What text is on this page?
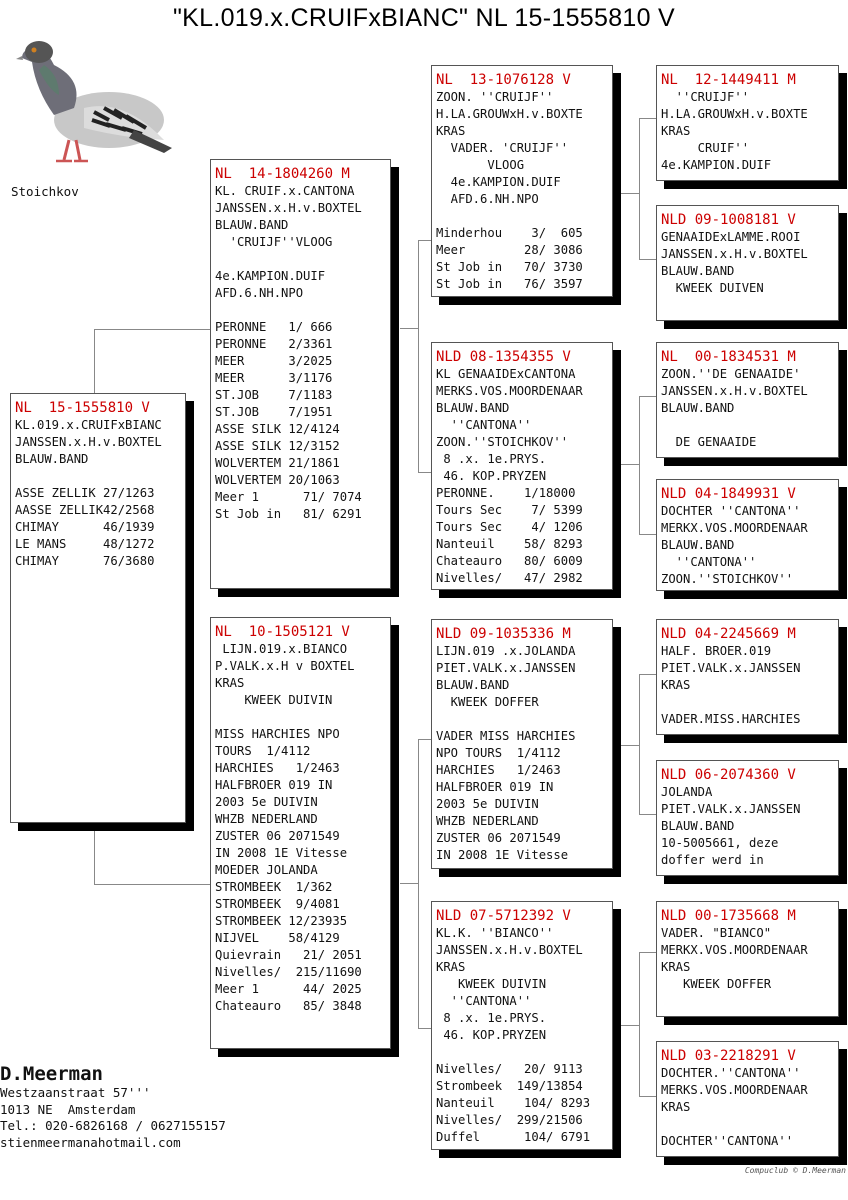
"KL.019.x.CRUIFxBIANC" NL 15-1555810 V
Stoichkov
NL  15-1555810 V
KL.019.x.CRUIFxBIANC
JANSSEN.x.H.v.BOXTEL
BLAUW.BAND
ASSE ZELLIK 27/1263
AASSE ZELLIK42/2568
CHIMAY      46/1939
LE MANS     48/1272
CHIMAY      76/3680
NL  14-1804260 M
KL. CRUIF.x.CANTONA
JANSSEN.x.H.v.BOXTEL
BLAUW.BAND
'CRUIJF''VLOOG
4e.KAMPION.DUIF
AFD.6.NH.NPO
PERONNE   1/ 666
PERONNE   2/3361
MEER      3/2025
MEER      3/1176
ST.JOB    7/1183
ST.JOB    7/1951
ASSE SILK 12/4124
ASSE SILK 12/3152
WOLVERTEM 21/1861
WOLVERTEM 20/1063
Meer 1      71/ 7074
St Job in   81/ 6291
NL  10-1505121 V
LIJN.019.x.BIANCO
P.VALK.x.H v BOXTEL
KRAS
KWEEK DUIVIN
MISS HARCHIES NPO
TOURS  1/4112
HARCHIES   1/2463
HALFBROER 019 IN
2003 5e DUIVIN
WHZB NEDERLAND
ZUSTER 06 2071549
IN 2008 1E Vitesse
MOEDER JOLANDA
STROMBEEK  1/362
STROMBEEK  9/4081
STROMBEEK 12/23935
NIJVEL    58/4129
Quievrain   21/ 2051
Nivelles/  215/11690
Meer 1      44/ 2025
Chateauro   85/ 3848
NL  13-1076128 V
ZOON. ''CRUIJF''
H.LA.GROUWxH.v.BOXTE
KRAS
VADER. 'CRUIJF''
VLOOG
4e.KAMPION.DUIF
AFD.6.NH.NPO
Minderhou    3/  605
Meer        28/ 3086
St Job in   70/ 3730
St Job in   76/ 3597
NLD 08-1354355 V
KL GENAAIDExCANTONA
MERKS.VOS.MOORDENAAR
BLAUW.BAND
''CANTONA''
ZOON.''STOICHKOV''
8 .x. 1e.PRYS.
46. KOP.PRYZEN
PERONNE.    1/18000
Tours Sec    7/ 5399
Tours Sec    4/ 1206
Nanteuil    58/ 8293
Chateauro   80/ 6009
Nivelles/   47/ 2982
NLD 09-1035336 M
LIJN.019 .x.JOLANDA
PIET.VALK.x.JANSSEN
BLAUW.BAND
KWEEK DOFFER
VADER MISS HARCHIES
NPO TOURS  1/4112
HARCHIES   1/2463
HALFBROER 019 IN
2003 5e DUIVIN
WHZB NEDERLAND
ZUSTER 06 2071549
IN 2008 1E Vitesse
NLD 07-5712392 V
KL.K. ''BIANCO''
JANSSEN.x.H.v.BOXTEL
KRAS
KWEEK DUIVIN
''CANTONA''
8 .x. 1e.PRYS.
46. KOP.PRYZEN
Nivelles/   20/ 9113
Strombeek  149/13854
Nanteuil    104/ 8293
Nivelles/  299/21506
Duffel      104/ 6791
NL  12-1449411 M
''CRUIJF''
H.LA.GROUWxH.v.BOXTE
KRAS
CRUIF''
4e.KAMPION.DUIF
NLD 09-1008181 V
GENAAIDExLAMME.ROOI
JANSSEN.x.H.v.BOXTEL
BLAUW.BAND
KWEEK DUIVEN
NL  00-1834531 M
ZOON.''DE GENAAIDE'
JANSSEN.x.H.v.BOXTEL
BLAUW.BAND
DE GENAAIDE
NLD 04-1849931 V
DOCHTER ''CANTONA''
MERKX.VOS.MOORDENAAR
BLAUW.BAND
''CANTONA''
ZOON.''STOICHKOV''
NLD 04-2245669 M
HALF. BROER.019
PIET.VALK.x.JANSSEN
KRAS
VADER.MISS.HARCHIES
NLD 06-2074360 V
JOLANDA
PIET.VALK.x.JANSSEN
BLAUW.BAND
10-5005661, deze
doffer werd in
NLD 00-1735668 M
VADER. "BIANCO"
MERKX.VOS.MOORDENAAR
KRAS
KWEEK DOFFER
NLD 03-2218291 V
DOCHTER.''CANTONA''
MERKS.VOS.MOORDENAAR
KRAS
DOCHTER''CANTONA''
D.Meerman
Westzaanstraat 57'''
1013 NE  Amsterdam
Tel.: 020-6826168 / 0627155157
stienmeermanahotmail.com
Compuclub © D.Meerman
